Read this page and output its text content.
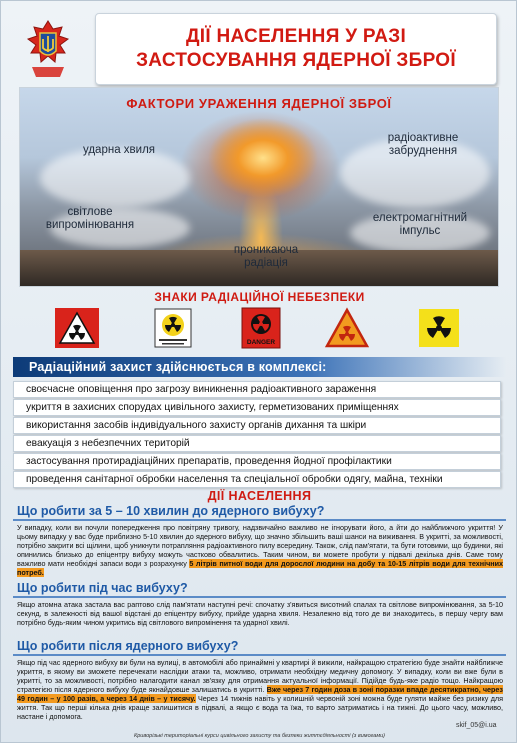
ДІЇ НАСЕЛЕННЯ У РАЗІ
ЗАСТОСУВАННЯ ЯДЕРНОЇ ЗБРОЇ
ФАКТОРИ УРАЖЕННЯ ЯДЕРНОЇ ЗБРОЇ
ударна хвиля
радіоактивне
забруднення
світлове
випромінювання
електромагнітний
імпульс
проникаюча
радіація
ЗНАКИ РАДІАЦІЙНОЇ НЕБЕЗПЕКИ
DANGER
Радіаційний захист здійснюється в комплексі:
своєчасне оповіщення про загрозу виникнення радіоактивного зараження
укриття в захисних спорудах цивільного захисту, герметизованих приміщеннях
використання засобів індивідуального захисту органів дихання та шкіри
евакуація з небезпечних територій
застосування протирадіаційних препаратів, проведення йодної профілактики
проведення санітарної обробки населення та спеціальної обробки одягу, майна, техніки
ДІЇ НАСЕЛЕННЯ
Що робити за 5 – 10 хвилин до ядерного вибуху?
У випадку, коли ви почули попередження про повітряну тривогу, надзвичайно важливо не ігнорувати його, а йти до найближчого укриття! У цьому випадку у вас буде приблизно 5-10 хвилин до ядерного вибуху, що значно збільшить ваші шанси на виживання. В укритті, за можливості, потрібно закрити всі щілини, щоб уникнути потрапляння радіоактивного пилу всередину. Також, слід пам'ятати, та бути готовими, що будинки, які опинились близько до епіцентру вибуху можуть частково обвалитись. Таким чином, ви можете пробути у підвалі декілька днів. Саме тому важливо мати необхідні запаси води з розрахунку 5 літрів питної води для дорослої людини на добу та 10-15 літрів води для технічних потреб.
Що робити під час вибуху?
Якщо атомна атака застала вас раптово слід пам'ятати наступні речі: спочатку з'явиться висотний спалах та світлове випромінювання, за 5-10 секунд, в залежності від вашої відстані до епіцентру вибуху, прийде ударна хвиля. Незалежно від того де ви знаходитесь, в першу чергу вам потрібно будь-яким чином укритись від світлового випромінення та ударної хвилі.
Що робити після ядерного вибуху?
Якщо під час ядерного вибуху ви були на вулиці, в автомобілі або принаймні у квартирі й вижили, найкращою стратегією буде знайти найближче укриття, в якому ви зможете перечекати наслідки атаки та, можливо, отримати необхідну медичну допомогу. У випадку, коли ви вже були в укритті, то за можливості, потрібно налагодити канал зв'язку для отримання актуальної інформації. Підійде будь-яке радіо тощо. Найкращою стратегією після ядерного вибуху буде якнайдовше залишатись в укритті. Вже через 7 годин доза в зоні поразки впаде десятикратно, через 49 годин – у 100 разів, а через 14 днів – у тисячу. Через 14 тижнів навіть у колишній червоній зоні можна буде гуляти майже без ризику для життя. Так що перші кілька днів краще залишитися в підвалі, а якщо є вода та їжа, то варто затриматись і на тижні. До цього часу, можливо, настане і допомога.
skif_05@i.ua
Криворізькі територіальні курси цивільного захисту та безпеки життєдіяльності (з вимогами)
